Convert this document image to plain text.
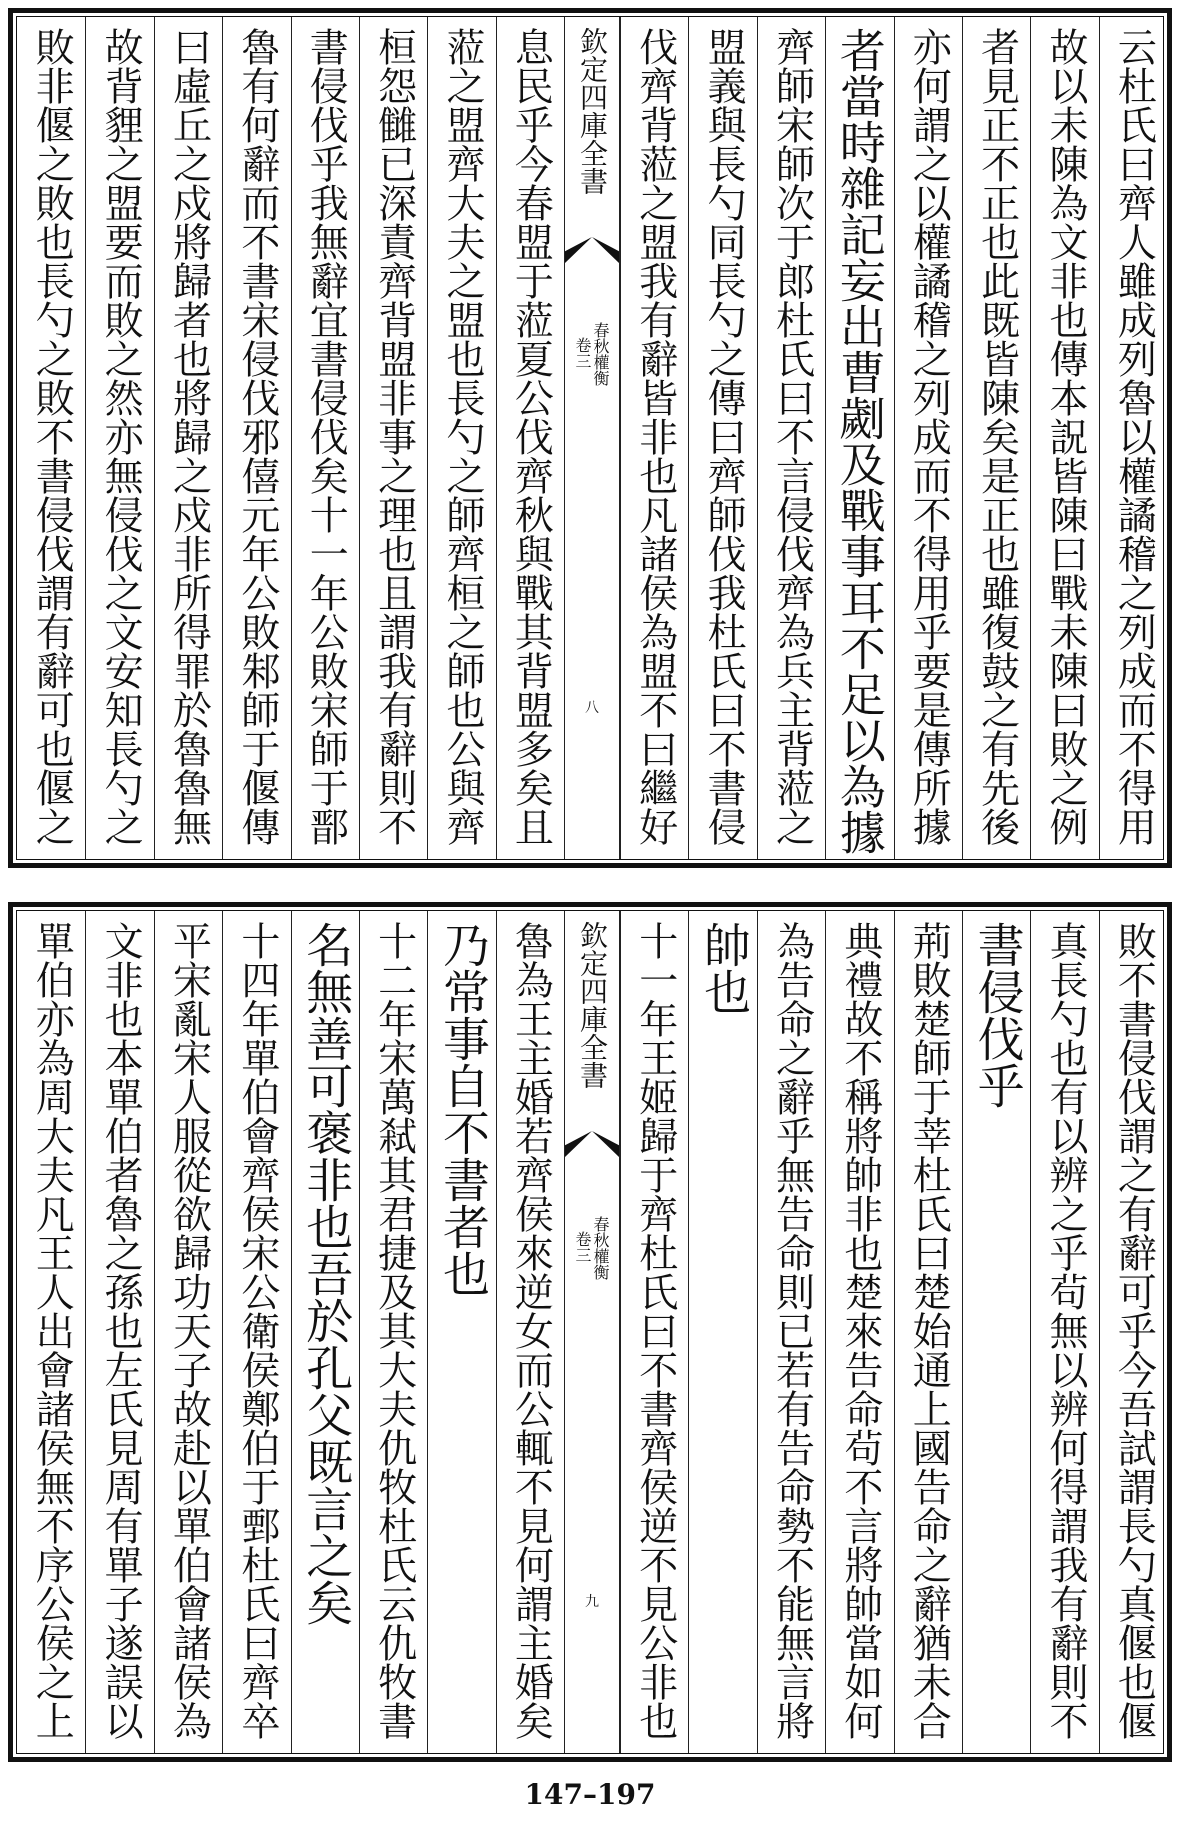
云杜氏曰齊人雖成列魯以權譎稽之列成而不得用
故以未陳為文非也傳本詋皆陳曰戰未陳曰敗之例
者見正不正也此既皆陳矣是正也雖復鼓之有先後
亦何謂之以權譎稽之列成而不得用乎要是傳所據
者當時雜記妄出曹劌及戰事耳不足以為據
齊師宋師次于郎杜氏曰不言侵伐齊為兵主背蒞之
盟義與長勺同長勺之傳曰齊師伐我杜氏曰不書侵
伐齊背蒞之盟我有辭皆非也凡諸侯為盟不曰繼好
欽定四庫全書
春秋權衡
卷三
八
息民乎今春盟于蒞夏公伐齊秋與戰其背盟多矣且
蒞之盟齊大夫之盟也長勺之師齊桓之師也公與齊
桓怨雠已深責齊背盟非事之理也且謂我有辭則不
書侵伐乎我無辭宜書侵伐矣十一年公敗宋師于鄑
魯有何辭而不書宋侵伐邪僖元年公敗邾師于偃傳
曰虛丘之戍將歸者也將歸之戍非所得罪於魯魯無
故背貍之盟要而敗之然亦無侵伐之文安知長勺之
敗非偃之敗也長勺之敗不書侵伐謂有辭可也偃之
敗不書侵伐謂之有辭可乎今吾試謂長勺真偃也偃
真長勺也有以辨之乎茍無以辨何得謂我有辭則不
書侵伐乎
荊敗楚師于莘杜氏曰楚始通上國告命之辭猶未合
典禮故不稱將帥非也楚來告命茍不言將帥當如何
為告命之辭乎無告命則已若有告命勢不能無言將
帥也
十一年王姬歸于齊杜氏曰不書齊侯逆不見公非也
欽定四庫全書
春秋權衡
卷三
九
魯為王主婚若齊侯來逆女而公輒不見何謂主婚矣
乃常事自不書者也
十二年宋萬弒其君捷及其大夫仇牧杜氏云仇牧書
名無善可褒非也吾於孔父既言之矣
十四年單伯會齊侯宋公衛侯鄭伯于鄄杜氏曰齊卒
平宋亂宋人服從欲歸功天子故赴以單伯會諸侯為
文非也本單伯者魯之孫也左氏見周有單子遂誤以
單伯亦為周大夫凡王人出會諸侯無不序公侯之上
147–197
